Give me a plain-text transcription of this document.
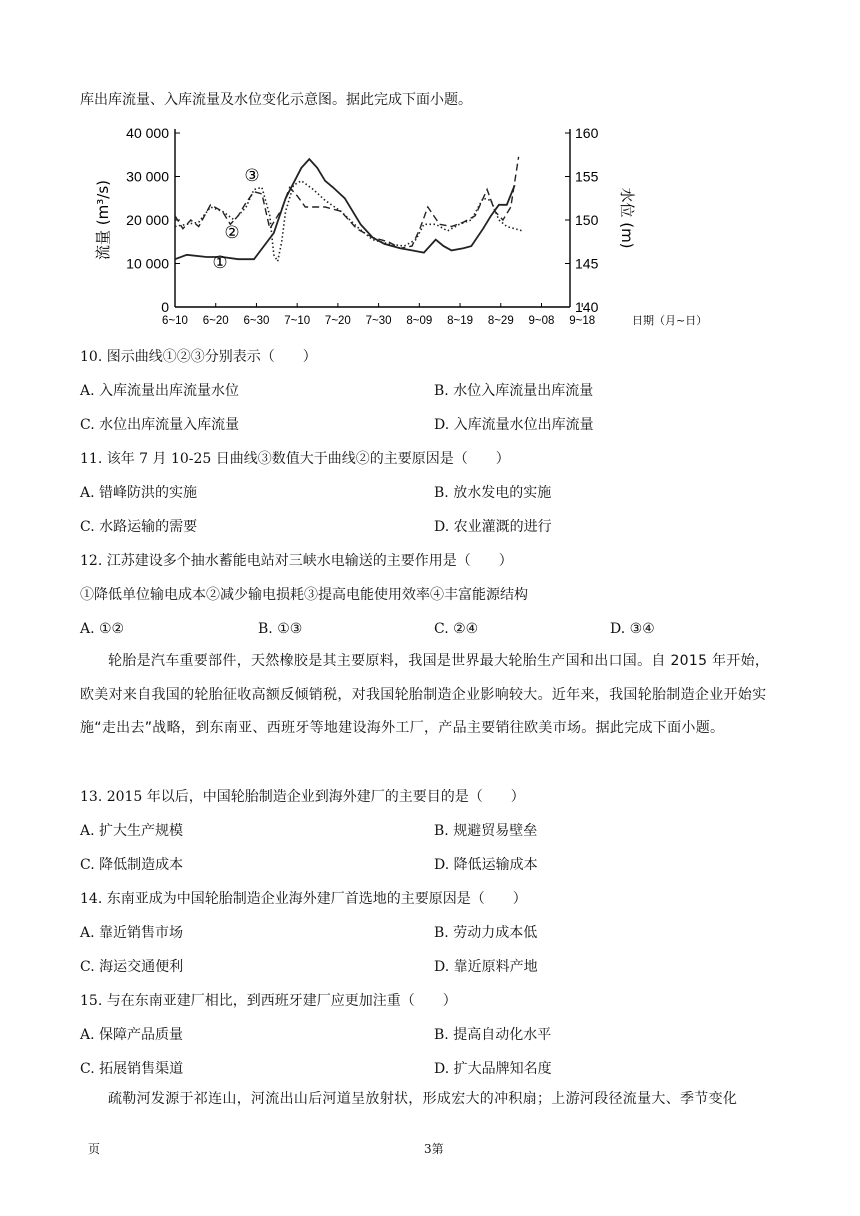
库出库流量、入库流量及水位变化示意图。据此完成下面小题。
0
10 000
20 000
30 000
40 000
140
145
150
155
160
6~10 6~20 6~30 7~10 7~20 7~30 8~09 8~19 8~29 9~08 9~18	日期（月~日）
流量 (m³/s)	水位 (m)
①
②
③
10. 图示曲线①②③分别表示（　　）
A. 入库流量出库流量水位	B. 水位入库流量出库流量
C. 水位出库流量入库流量	D. 入库流量水位出库流量
11. 该年 7 月 10-25 日曲线③数值大于曲线②的主要原因是（　　）
A. 错峰防洪的实施	B. 放水发电的实施
C. 水路运输的需要	D. 农业灌溉的进行
12. 江苏建设多个抽水蓄能电站对三峡水电输送的主要作用是（　　）
①降低单位输电成本②减少输电损耗③提高电能使用效率④丰富能源结构
A. ①②	B. ①③	C. ②④	D. ③④
轮胎是汽车重要部件，天然橡胶是其主要原料，我国是世界最大轮胎生产国和出口国。自 2015 年开始，欧美对来自我国的轮胎征收高额反倾销税，对我国轮胎制造企业影响较大。近年来，我国轮胎制造企业开始实施“走出去”战略，到东南亚、西班牙等地建设海外工厂，产品主要销往欧美市场。据此完成下面小题。
13. 2015 年以后，中国轮胎制造企业到海外建厂的主要目的是（　　）
A. 扩大生产规模	B. 规避贸易壁垒
C. 降低制造成本	D. 降低运输成本
14. 东南亚成为中国轮胎制造企业海外建厂首选地的主要原因是（　　）
A. 靠近销售市场	B. 劳动力成本低
C. 海运交通便利	D. 靠近原料产地
15. 与在东南亚建厂相比，到西班牙建厂应更加注重（　　）
A. 保障产品质量	B. 提高自动化水平
C. 拓展销售渠道	D. 扩大品牌知名度
疏勒河发源于祁连山，河流出山后河道呈放射状，形成宏大的冲积扇；上游河段径流量大、季节变化
页	3第
